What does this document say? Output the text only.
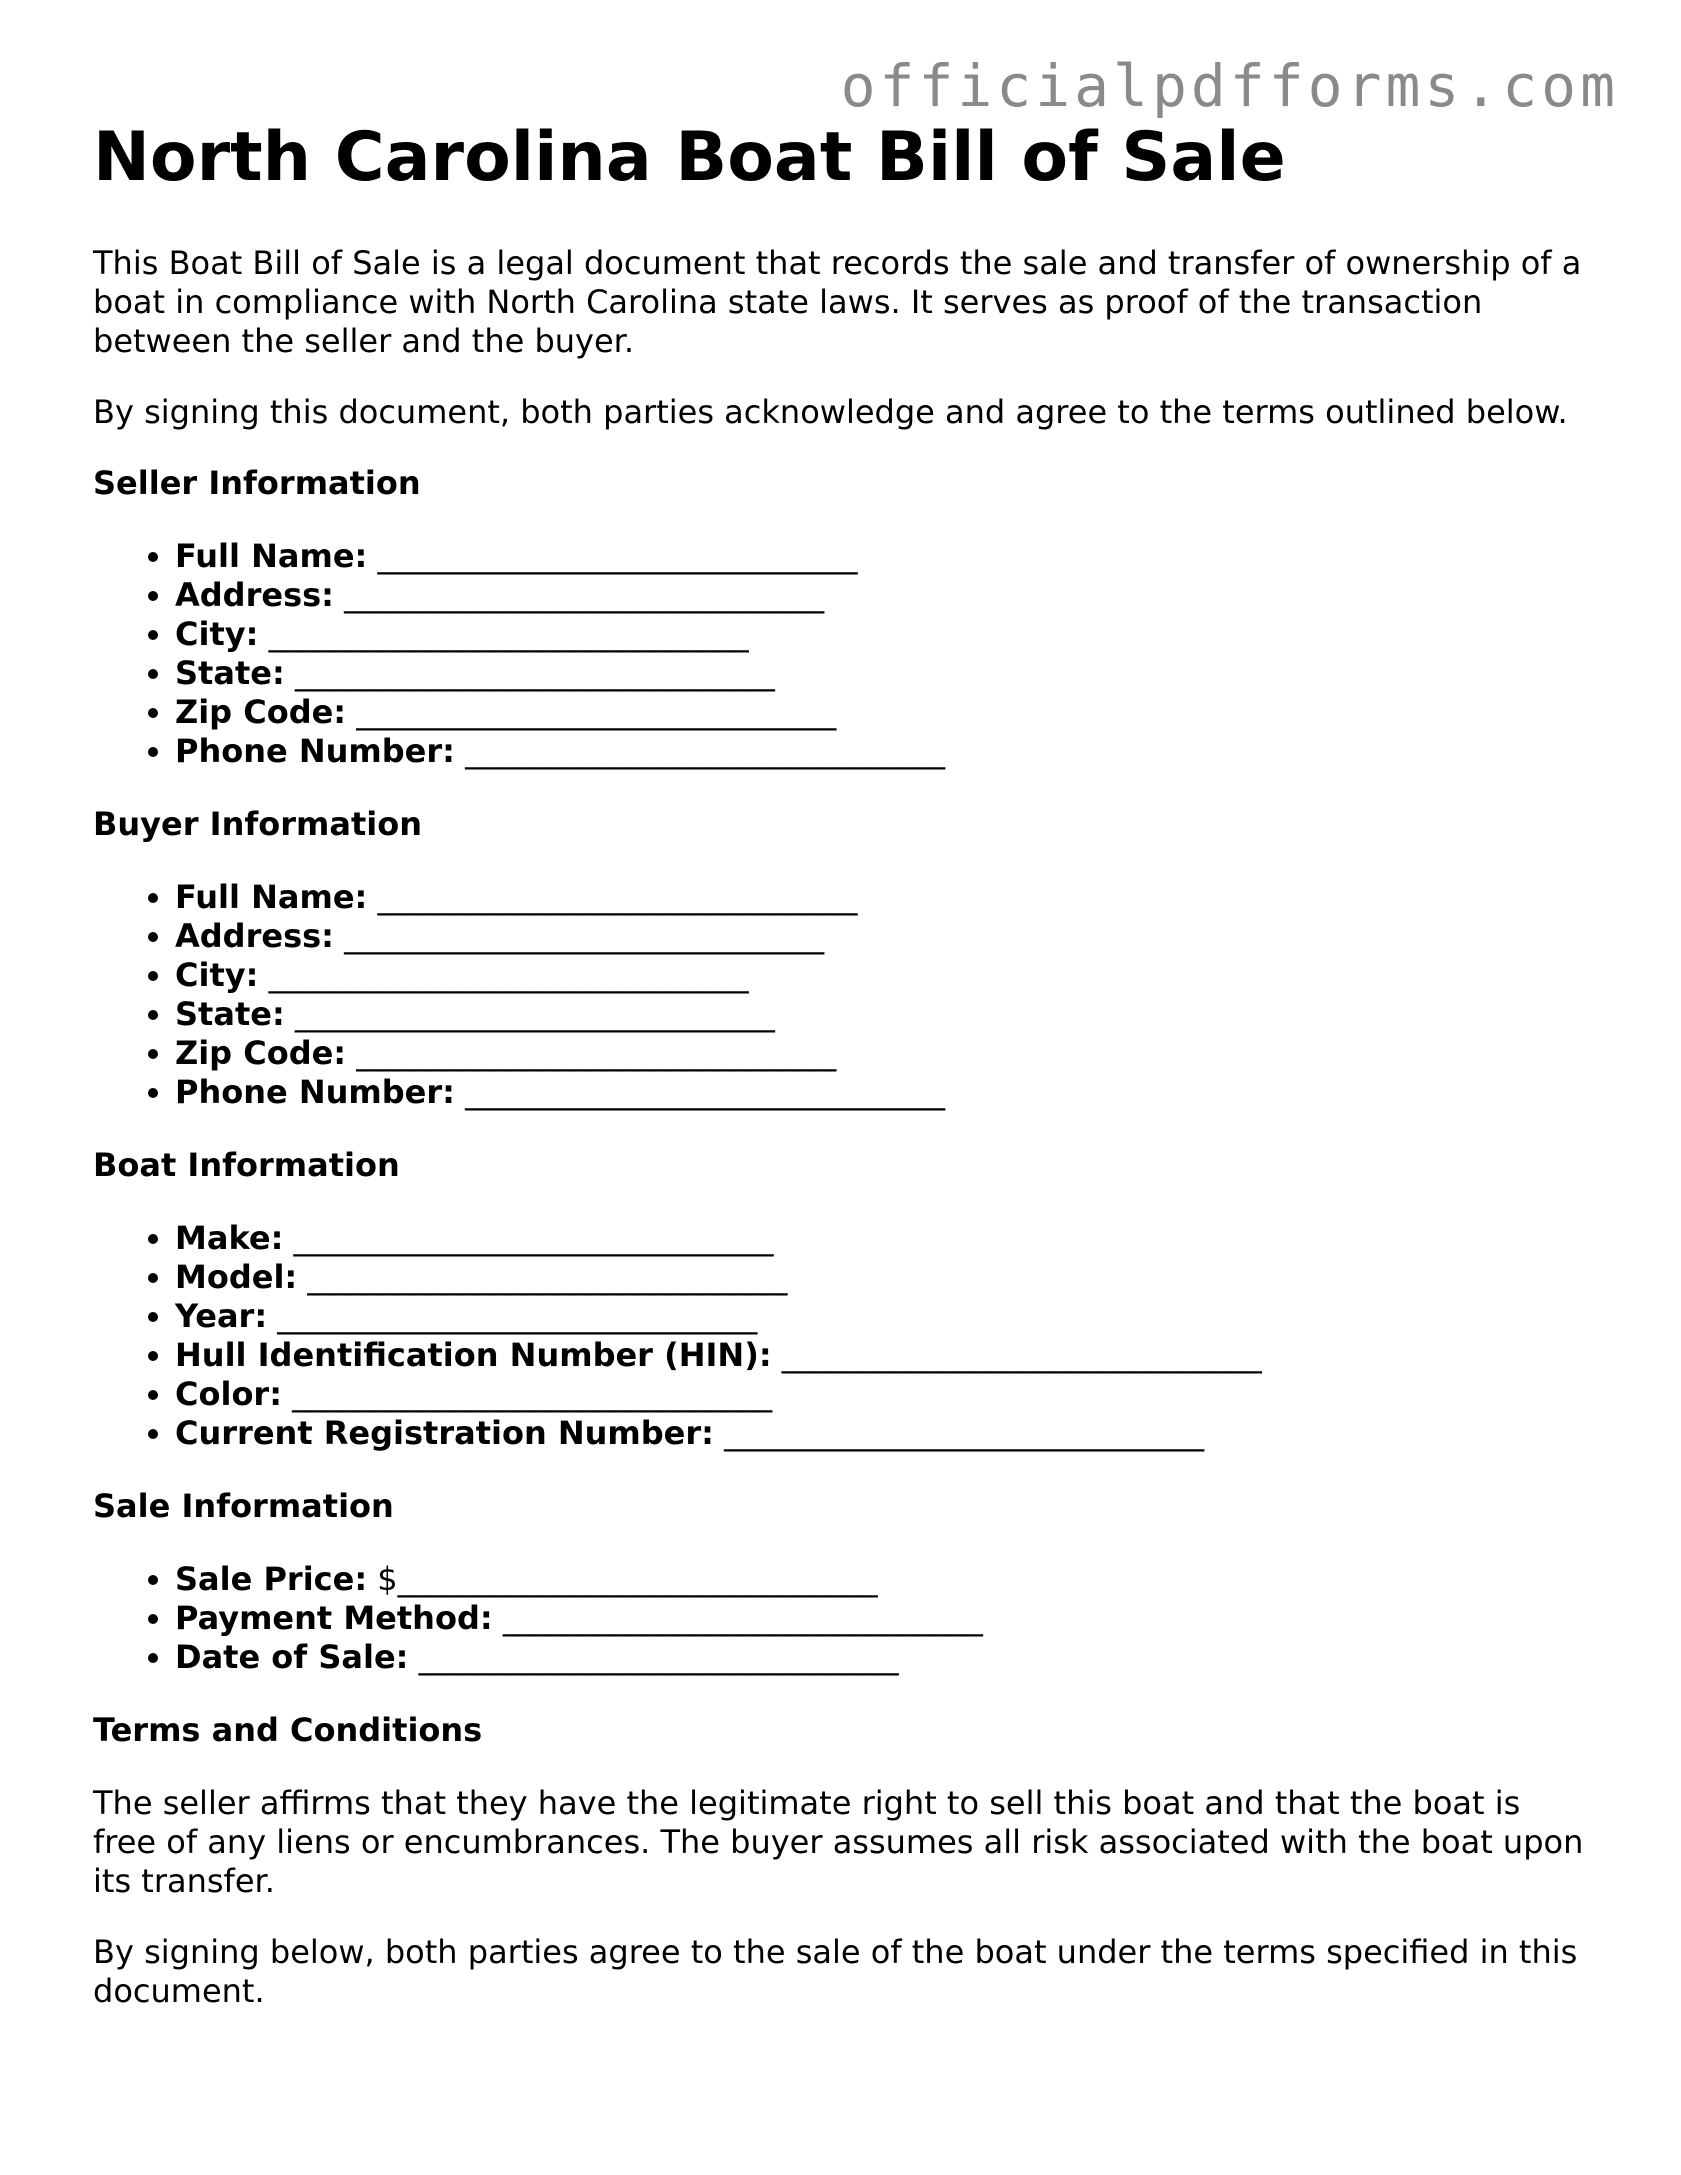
officialpdfforms.com
North Carolina Boat Bill of Sale

This Boat Bill of Sale is a legal document that records the sale and transfer of ownership of a boat in compliance with North Carolina state laws. It serves as proof of the transaction between the seller and the buyer.

By signing this document, both parties acknowledge and agree to the terms outlined below.

Seller Information
• Full Name: ______________________________
• Address: ______________________________
• City: ______________________________
• State: ______________________________
• Zip Code: ______________________________
• Phone Number: ______________________________
Buyer Information
• Full Name: ______________________________
• Address: ______________________________
• City: ______________________________
• State: ______________________________
• Zip Code: ______________________________
• Phone Number: ______________________________
Boat Information
• Make: ______________________________
• Model: ______________________________
• Year: ______________________________
• Hull Identification Number (HIN): ______________________________
• Color: ______________________________
• Current Registration Number: ______________________________
Sale Information
• Sale Price: $______________________________
• Payment Method: ______________________________
• Date of Sale: ______________________________
Terms and Conditions

The seller affirms that they have the legitimate right to sell this boat and that the boat is free of any liens or encumbrances. The buyer assumes all risk associated with the boat upon its transfer.

By signing below, both parties agree to the sale of the boat under the terms specified in this document.
